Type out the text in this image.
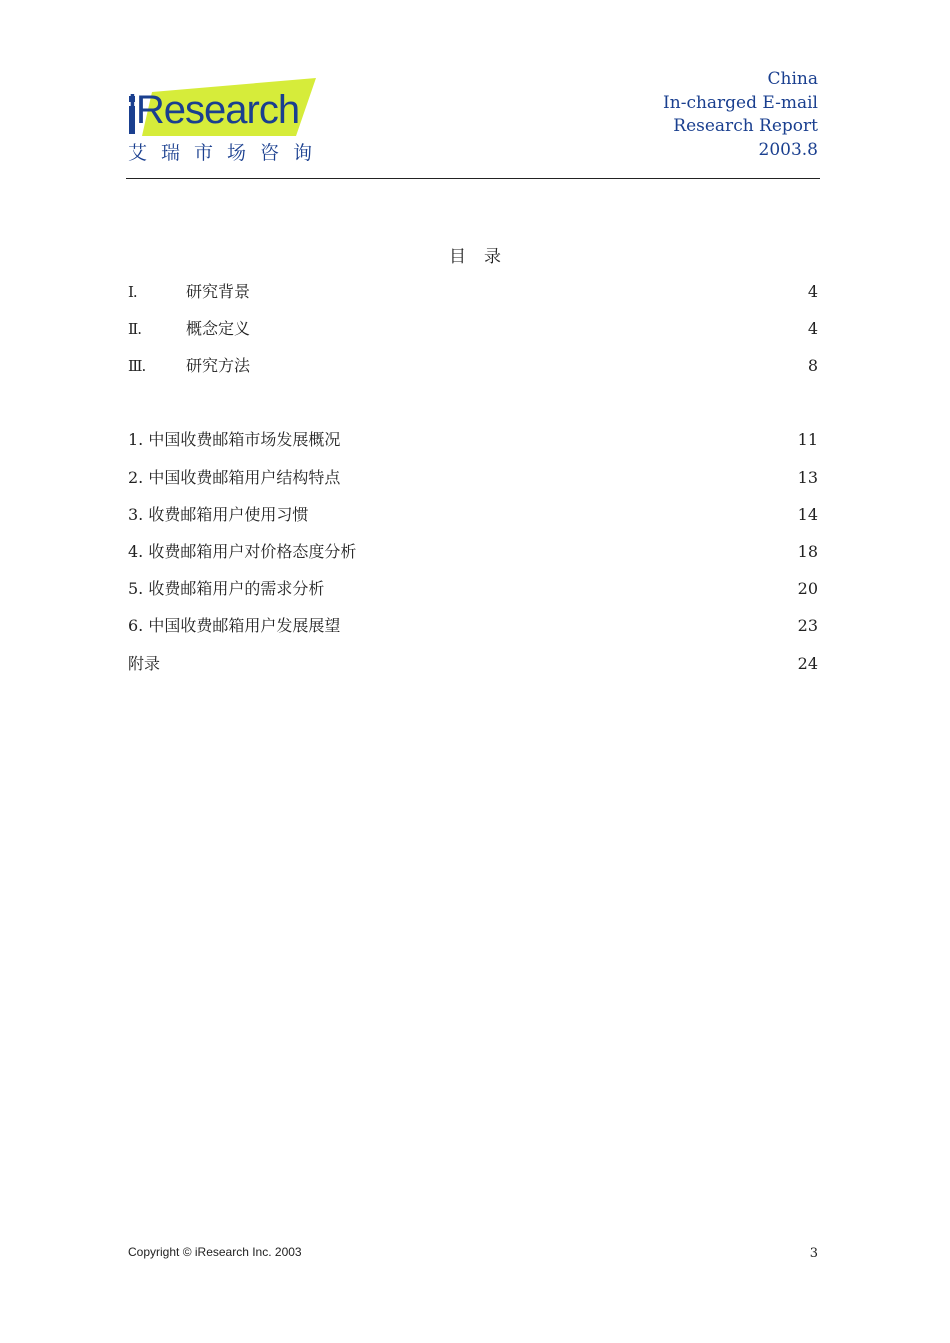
iResearch
艾瑞市场咨询
China
In-charged E-mail
Research Report
2003.8
目录
Ⅰ.	研究背景	4
Ⅱ.	概念定义	4
Ⅲ.	研究方法	8
1. 中国收费邮箱市场发展概况	11
2. 中国收费邮箱用户结构特点	13
3. 收费邮箱用户使用习惯	14
4. 收费邮箱用户对价格态度分析	18
5. 收费邮箱用户的需求分析	20
6. 中国收费邮箱用户发展展望	23
附录	24
Copyright © iResearch Inc. 2003	3
